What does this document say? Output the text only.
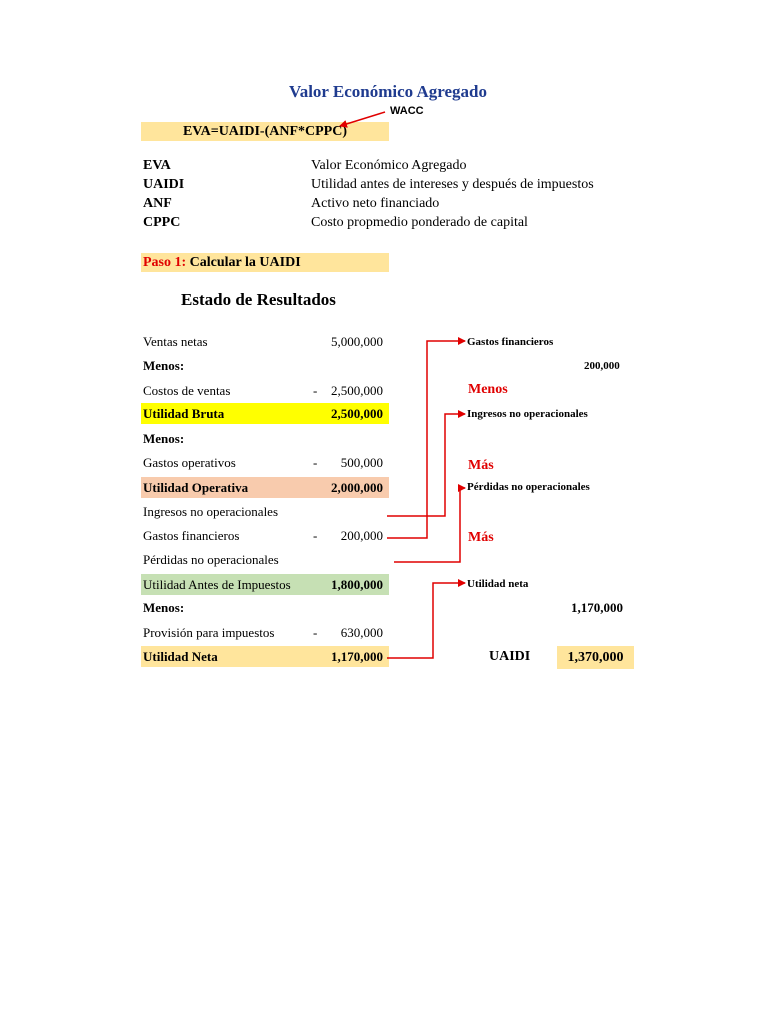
Valor Económico Agregado
WACC
EVA=UAIDI-(ANF*CPPC)
EVA	Valor Económico Agregado
UAIDI	Utilidad antes de intereses y después de impuestos
ANF	Activo neto financiado
CPPC	Costo propmedio ponderado de capital
Paso 1: Calcular la UAIDI
Estado de Resultados
Ventas netas	5,000,000
Menos:
Costos de ventas	- 2,500,000
Utilidad Bruta	2,500,000
Menos:
Gastos operativos	- 500,000
Utilidad Operativa	2,000,000
Ingresos no operacionales
Gastos financieros	- 200,000
Pérdidas no operacionales
Utilidad Antes de Impuestos	1,800,000
Menos:
Provisión para impuestos	- 630,000
Utilidad Neta	1,170,000
Gastos financieros
200,000
Menos
Ingresos no operacionales
Más
Pérdidas no operacionales
Más
Utilidad neta
1,170,000
UAIDI	1,370,000
